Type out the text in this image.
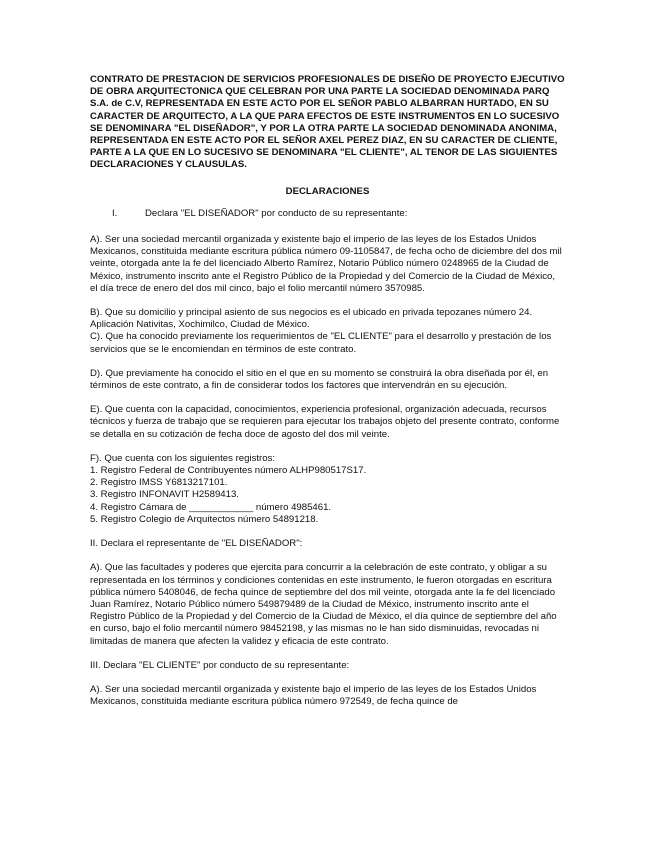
CONTRATO DE PRESTACION DE SERVICIOS PROFESIONALES DE DISEÑO DE PROYECTO EJECUTIVO DE OBRA ARQUITECTONICA QUE CELEBRAN POR UNA PARTE LA SOCIEDAD DENOMINADA PARQ S.A. de C.V, REPRESENTADA EN ESTE ACTO POR EL SEÑOR PABLO ALBARRAN HURTADO, EN SU CARACTER DE ARQUITECTO, A LA QUE PARA EFECTOS DE ESTE INSTRUMENTOS EN LO SUCESIVO SE DENOMINARA "EL DISEÑADOR", Y POR LA OTRA PARTE LA SOCIEDAD DENOMINADA ANONIMA, REPRESENTADA EN ESTE ACTO POR EL SEÑOR AXEL PEREZ DIAZ, EN SU CARACTER DE CLIENTE, PARTE A LA QUE EN LO SUCESIVO SE DENOMINARA "EL CLIENTE", AL TENOR DE LAS SIGUIENTES DECLARACIONES Y CLAUSULAS.

DECLARACIONES

I.	Declara "EL DISEÑADOR" por conducto de su representante:

A). Ser una sociedad mercantil organizada y existente bajo el imperio de las leyes de los Estados Unidos Mexicanos, constituida mediante escritura pública número 09-1105847, de fecha ocho de diciembre del dos mil veinte, otorgada ante la fe del licenciado Alberto Ramírez, Notario Público número 0248965 de la Ciudad de México, instrumento inscrito ante el Registro Público de la Propiedad y del Comercio de la Ciudad de México, el día trece de enero del dos mil cinco, bajo el folio mercantil número 3570985.

B). Que su domicilio y principal asiento de sus negocios es el ubicado en privada tepozanes número 24. Aplicación Nativitas, Xochimilco, Ciudad de México.

C). Que ha conocido previamente los requerimientos de "EL CLIENTE" para el desarrollo y prestación de los servicios que se le encomiendan en términos de este contrato.

D). Que previamente ha conocido el sitio en el que en su momento se construirá la obra diseñada por él, en términos de este contrato, a fin de considerar todos los factores que intervendrán en su ejecución.

E). Que cuenta con la capacidad, conocimientos, experiencia profesional, organización adecuada, recursos técnicos y fuerza de trabajo que se requieren para ejecutar los trabajos objeto del presente contrato, conforme se detalla en su cotización de fecha doce de agosto del dos mil veinte.

F). Que cuenta con los siguientes registros:

1. Registro Federal de Contribuyentes número ALHP980517S17.
2. Registro IMSS Y6813217101.
3. Registro INFONAVIT H2589413.
4. Registro Cámara de ____________ número 4985461.
5. Registro Colegio de Arquitectos número 54891218.

II. Declara el representante de "EL DISEÑADOR":

A). Que las facultades y poderes que ejercita para concurrir a la celebración de este contrato, y obligar a su representada en los términos y condiciones contenidas en este instrumento, le fueron otorgadas en escritura pública número 5408046, de fecha quince de septiembre del dos mil veinte, otorgada ante la fe del licenciado Juan Ramírez, Notario Público número 549879489 de la Ciudad de México, instrumento inscrito ante el Registro Público de la Propiedad y del Comercio de la Ciudad de México, el día quince de septiembre del año en curso, bajo el folio mercantil número 98452198, y las mismas no le han sido disminuidas, revocadas ni limitadas de manera que afecten la validez y eficacia de este contrato.

III. Declara "EL CLIENTE" por conducto de su representante:

A). Ser una sociedad mercantil organizada y existente bajo el imperio de las leyes de los Estados Unidos Mexicanos, constituida mediante escritura pública número 972549, de fecha quince de
